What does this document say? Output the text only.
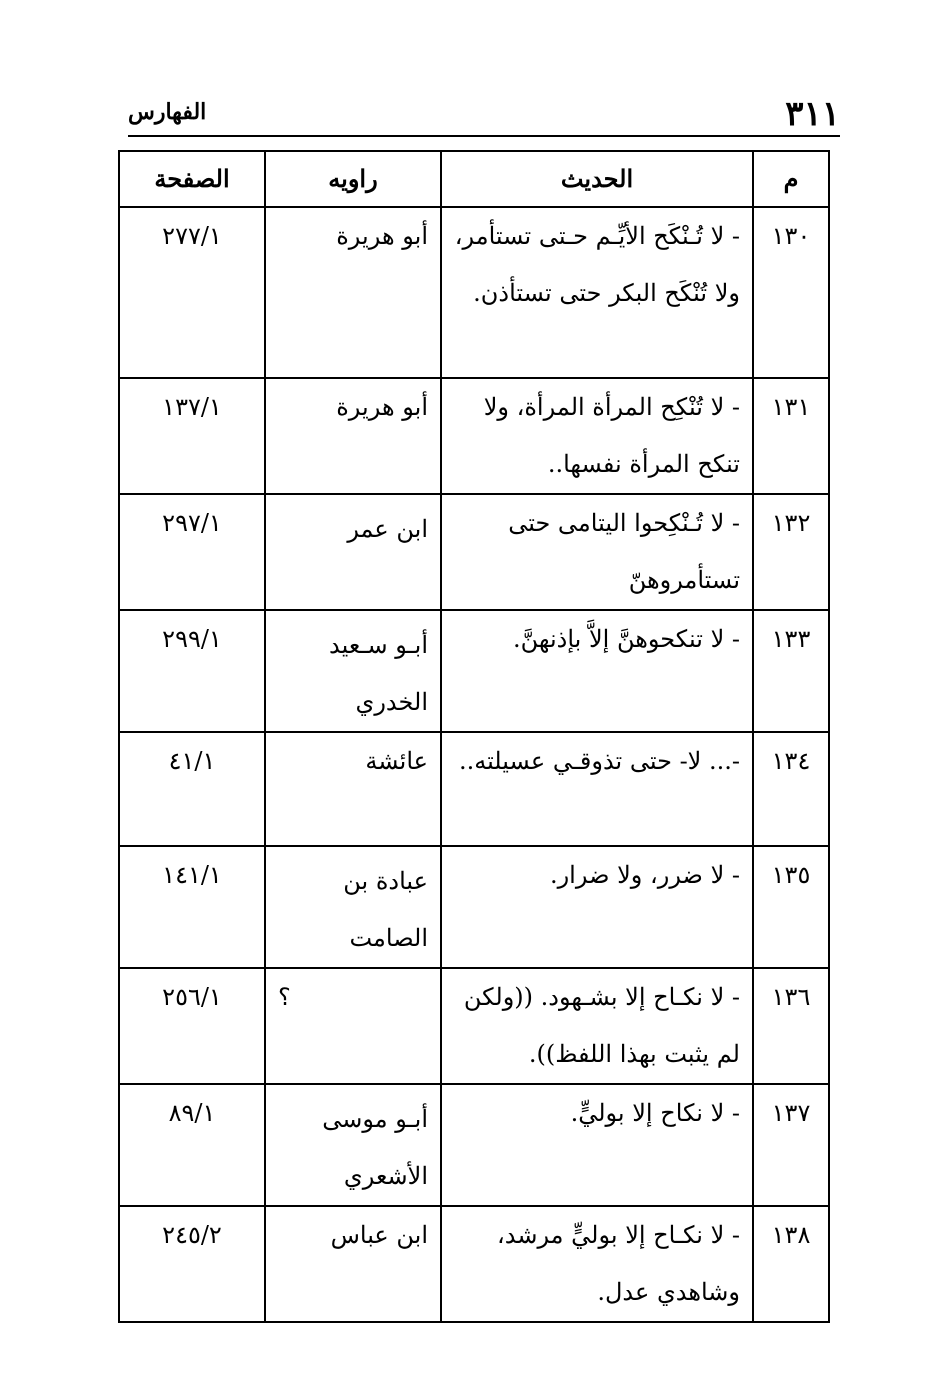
٣١١
الفهارس
م	الحديث	راويه	الصفحة
١٣٠	- لا تُـنْكَح الأيِّـم حـتى تستأمر، ولا تُنْكَح البكر حتى تستأذن.	أبو هريرة	٢٧٧/١
١٣١	- لا تُنْكِح المرأة المرأة، ولا تنكح المرأة نفسها..	أبو هريرة	١٣٧/١
١٣٢	- لا تُـنْكِحوا اليتامى حتى تستأمروهنّ	ابن عمر	٢٩٧/١
١٣٣	- لا تنكحوهنَّ إلاَّ بإذنهنَّ.	أبـو سـعيد الخدري	٢٩٩/١
١٣٤	-... لا- حتى تذوقـي عسيلته..	عائشة	٤١/١
١٣٥	- لا ضرر، ولا ضرار.	عبادة بن الصامت	١٤١/١
١٣٦	- لا نكـاح إلا بشـهود. ((ولكن لم يثبت بهذا اللفظ)).	؟	٢٥٦/١
١٣٧	- لا نكاح إلا بوليٍّ.	أبـو موسى الأشعري	٨٩/١
١٣٨	- لا نكـاح إلا بوليٍّ مرشد، وشاهدي عدل.	ابن عباس	٢٤٥/٢
